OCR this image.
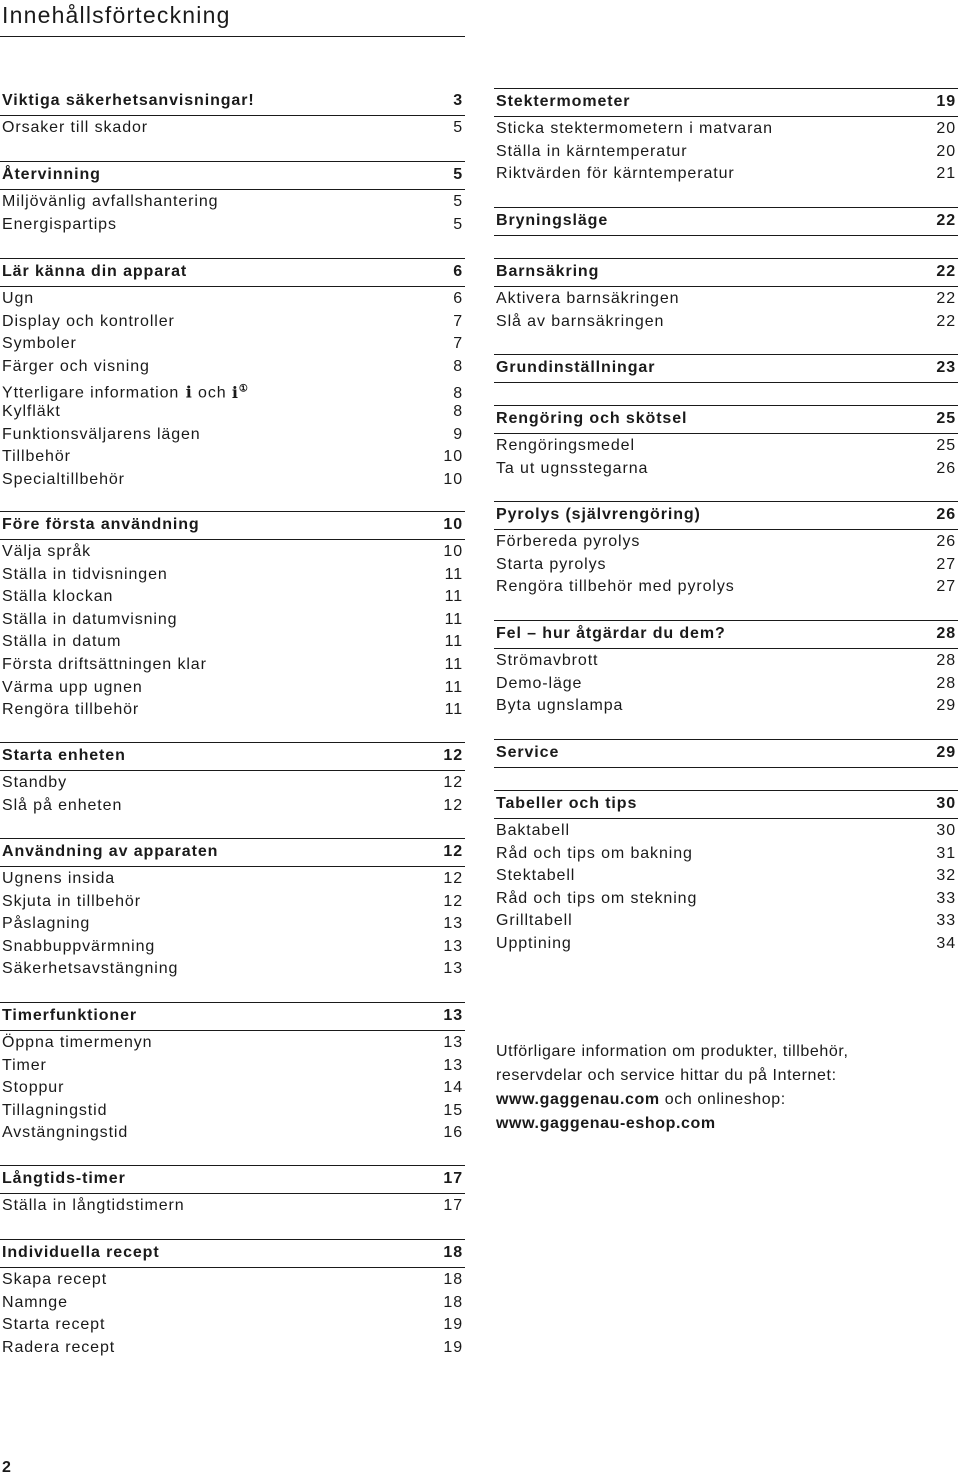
Innehållsförteckning
Viktiga säkerhetsanvisningar!	3
Orsaker till skador	5
Återvinning	5
Miljövänlig avfallshantering	5
Energispartips	5
Lär känna din apparat	6
Ugn	6
Display och kontroller	7
Symboler	7
Färger och visning	8
Ytterligare information i och i①	8
Kylfläkt	8
Funktionsväljarens lägen	9
Tillbehör	10
Specialtillbehör	10
Före första användning	10
Välja språk	10
Ställa in tidvisningen	11
Ställa klockan	11
Ställa in datumvisning	11
Ställa in datum	11
Första driftsättningen klar	11
Värma upp ugnen	11
Rengöra tillbehör	11
Starta enheten	12
Standby	12
Slå på enheten	12
Användning av apparaten	12
Ugnens insida	12
Skjuta in tillbehör	12
Påslagning	13
Snabbuppvärmning	13
Säkerhetsavstängning	13
Timerfunktioner	13
Öppna timermenyn	13
Timer	13
Stoppur	14
Tillagningstid	15
Avstängningstid	16
Långtids-timer	17
Ställa in långtidstimern	17
Individuella recept	18
Skapa recept	18
Namnge	18
Starta recept	19
Radera recept	19
Stektermometer	19
Sticka stektermometern i matvaran	20
Ställa in kärntemperatur	20
Riktvärden för kärntemperatur	21
Bryningsläge	22
Barnsäkring	22
Aktivera barnsäkringen	22
Slå av barnsäkringen	22
Grundinställningar	23
Rengöring och skötsel	25
Rengöringsmedel	25
Ta ut ugnsstegarna	26
Pyrolys (självrengöring)	26
Förbereda pyrolys	26
Starta pyrolys	27
Rengöra tillbehör med pyrolys	27
Fel – hur åtgärdar du dem?	28
Strömavbrott	28
Demo-läge	28
Byta ugnslampa	29
Service	29
Tabeller och tips	30
Baktabell	30
Råd och tips om bakning	31
Stektabell	32
Råd och tips om stekning	33
Grilltabell	33
Upptining	34
Utförligare information om produkter, tillbehör,
reservdelar och service hittar du på Internet:
www.gaggenau.com och onlineshop:
www.gaggenau-eshop.com
2
